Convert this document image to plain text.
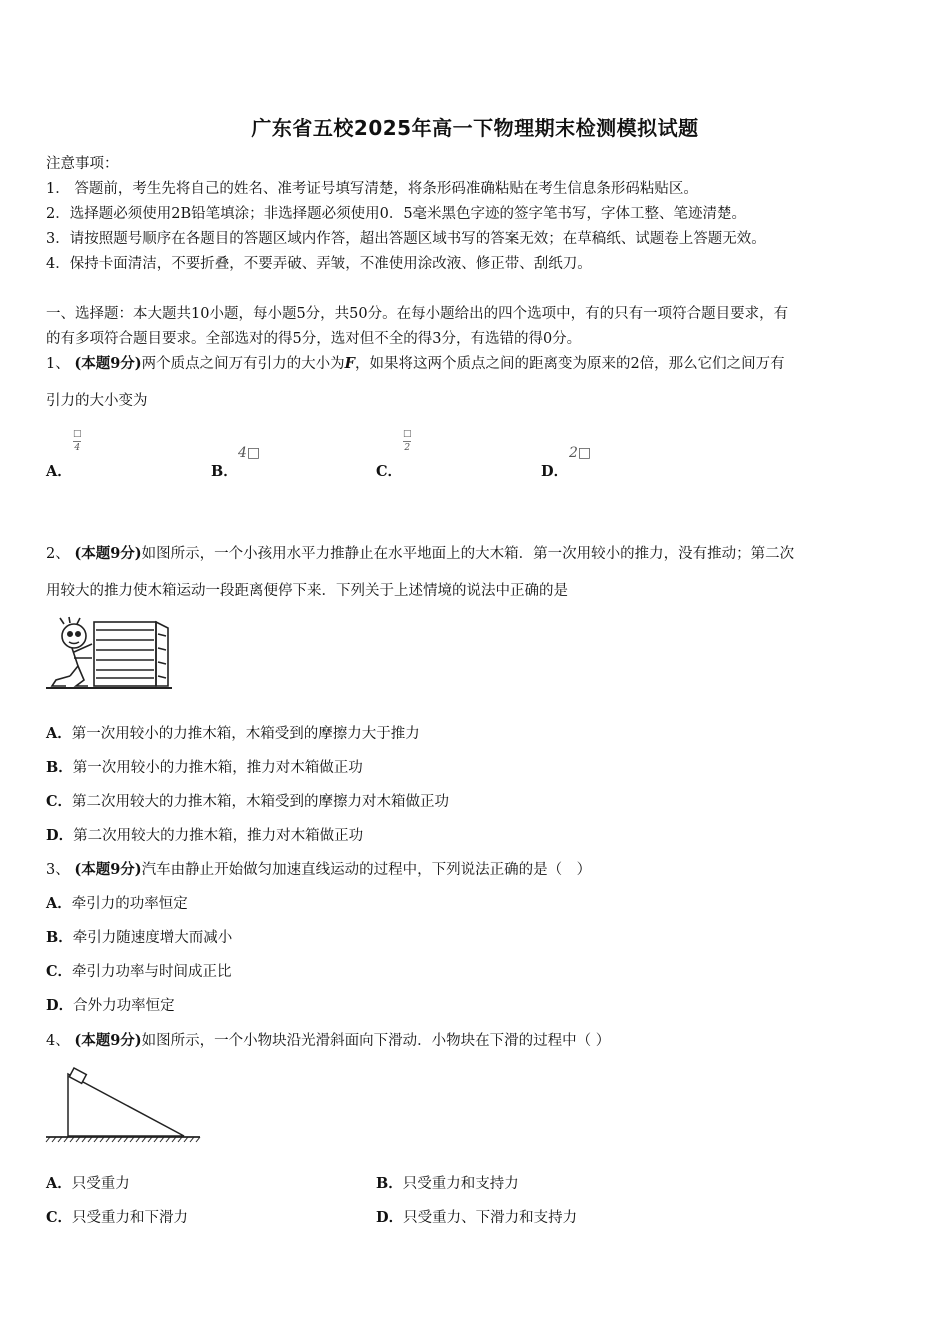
广东省五校2025年高一下物理期末检测模拟试题
注意事项：
1． 答题前，考生先将自己的姓名、准考证号填写清楚，将条形码准确粘贴在考生信息条形码粘贴区。
2．选择题必须使用2B铅笔填涂；非选择题必须使用0．5毫米黑色字迹的签字笔书写，字体工整、笔迹清楚。
3．请按照题号顺序在各题目的答题区域内作答，超出答题区域书写的答案无效；在草稿纸、试题卷上答题无效。
4．保持卡面清洁，不要折叠，不要弄破、弄皱，不准使用涂改液、修正带、刮纸刀。
一、选择题：本大题共10小题，每小题5分，共50分。在每小题给出的四个选项中，有的只有一项符合题目要求，有
的有多项符合题目要求。全部选对的得5分，选对但不全的得3分，有选错的得0分。
1、 (本题9分)两个质点之间万有引力的大小为F，如果将这两个质点之间的距离变为原来的2倍，那么它们之间万有
引力的大小变为
A．
□
4
B．
4□
C．
□
2
D．
2□
2、 (本题9分)如图所示，一个小孩用水平力推静止在水平地面上的大木箱．第一次用较小的推力，没有推动；第二次
用较大的推力使木箱运动一段距离便停下来．下列关于上述情境的说法中正确的是
A．第一次用较小的力推木箱，木箱受到的摩擦力大于推力
B．第一次用较小的力推木箱，推力对木箱做正功
C．第二次用较大的力推木箱，木箱受到的摩擦力对木箱做正功
D．第二次用较大的力推木箱，推力对木箱做正功
3、 (本题9分)汽车由静止开始做匀加速直线运动的过程中，下列说法正确的是（　）
A．牵引力的功率恒定
B．牵引力随速度增大而减小
C．牵引力功率与时间成正比
D．合外力功率恒定
4、 (本题9分)如图所示，一个小物块沿光滑斜面向下滑动．小物块在下滑的过程中（ ）
A．只受重力	B．只受重力和支持力
C．只受重力和下滑力	D．只受重力、下滑力和支持力
